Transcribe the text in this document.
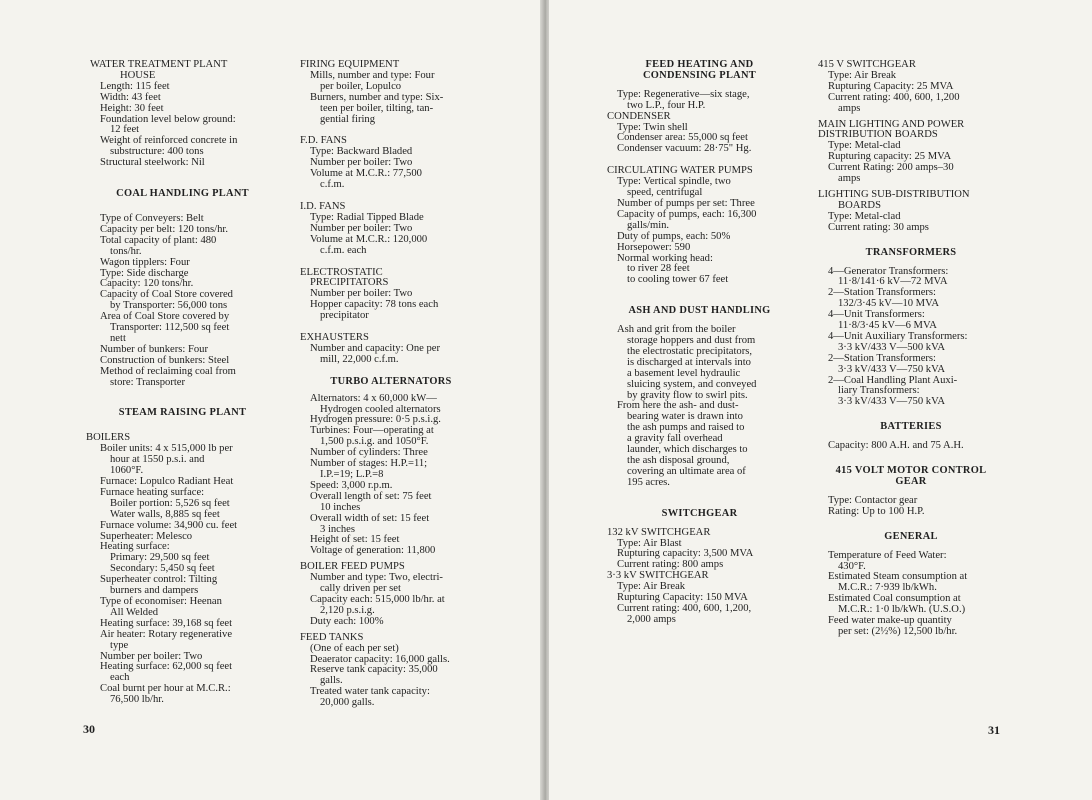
WATER TREATMENT PLANT
HOUSE

Length: 115 feet

Width: 43 feet

Height: 30 feet

Foundation level below ground:

12 feet

Weight of reinforced concrete in

substructure: 400 tons

Structural steelwork: Nil

COAL HANDLING PLANT

Type of Conveyers: Belt

Capacity per belt: 120 tons/hr.

Total capacity of plant: 480

tons/hr.

Wagon tipplers: Four

Type: Side discharge

Capacity: 120 tons/hr.

Capacity of Coal Store covered

by Transporter: 56,000 tons

Area of Coal Store covered by

Transporter: 112,500 sq feet

nett

Number of bunkers: Four

Construction of bunkers: Steel

Method of reclaiming coal from

store: Transporter

STEAM RAISING PLANT

BOILERS

Boiler units: 4 x 515,000 lb per

hour at 1550 p.s.i. and

1060°F.

Furnace: Lopulco Radiant Heat

Furnace heating surface:

Boiler portion: 5,526 sq feet

Water walls, 8,885 sq feet

Furnace volume: 34,900 cu. feet

Superheater: Melesco

Heating surface:

Primary: 29,500 sq feet

Secondary: 5,450 sq feet

Superheater control: Tilting

burners and dampers

Type of economiser: Heenan

All Welded

Heating surface: 39,168 sq feet

Air heater: Rotary regenerative

type

Number per boiler: Two

Heating surface: 62,000 sq feet

each

Coal burnt per hour at M.C.R.:

76,500 lb/hr.

FIRING EQUIPMENT

Mills, number and type: Four

per boiler, Lopulco

Burners, number and type: Six-

teen per boiler, tilting, tan-

gential firing

F.D. FANS

Type: Backward Bladed

Number per boiler: Two

Volume at M.C.R.: 77,500

c.f.m.

I.D. FANS

Type: Radial Tipped Blade

Number per boiler: Two

Volume at M.C.R.: 120,000

c.f.m. each

ELECTROSTATIC
PRECIPITATORS

Number per boiler: Two

Hopper capacity: 78 tons each

precipitator

EXHAUSTERS

Number and capacity: One per

mill, 22,000 c.f.m.

TURBO ALTERNATORS

Alternators: 4 x 60,000 kW—

Hydrogen cooled alternators

Hydrogen pressure: 0·5 p.s.i.g.

Turbines: Four—operating at

1,500 p.s.i.g. and 1050°F.

Number of cylinders: Three

Number of stages: H.P.=11;

I.P.=19; L.P.=8

Speed: 3,000 r.p.m.

Overall length of set: 75 feet

10 inches

Overall width of set: 15 feet

3 inches

Height of set: 15 feet

Voltage of generation: 11,800

BOILER FEED PUMPS

Number and type: Two, electri-

cally driven per set

Capacity each: 515,000 lb/hr. at

2,120 p.s.i.g.

Duty each: 100%

FEED TANKS

(One of each per set)

Deaerator capacity: 16,000 galls.

Reserve tank capacity: 35,000

galls.

Treated water tank capacity:

20,000 galls.

30

FEED HEATING AND
CONDENSING PLANT

Type: Regenerative—six stage,

two L.P., four H.P.

CONDENSER

Type: Twin shell

Condenser area: 55,000 sq feet

Condenser vacuum: 28·75" Hg.

CIRCULATING WATER PUMPS

Type: Vertical spindle, two

speed, centrifugal

Number of pumps per set: Three

Capacity of pumps, each: 16,300

galls/min.

Duty of pumps, each: 50%

Horsepower: 590

Normal working head:

to river 28 feet

to cooling tower 67 feet

ASH AND DUST HANDLING

Ash and grit from the boiler

storage hoppers and dust from

the electrostatic precipitators,

is discharged at intervals into

a basement level hydraulic

sluicing system, and conveyed

by gravity flow to swirl pits.

From here the ash- and dust-

bearing water is drawn into

the ash pumps and raised to

a gravity fall overhead

launder, which discharges to

the ash disposal ground,

covering an ultimate area of

195 acres.

SWITCHGEAR

132 kV SWITCHGEAR

Type: Air Blast

Rupturing capacity: 3,500 MVA

Current rating: 800 amps

3·3 kV SWITCHGEAR

Type: Air Break

Rupturing Capacity: 150 MVA

Current rating: 400, 600, 1,200,

2,000 amps

415 V SWITCHGEAR

Type: Air Break

Rupturing Capacity: 25 MVA

Current rating: 400, 600, 1,200

amps

MAIN LIGHTING AND POWER
DISTRIBUTION BOARDS

Type: Metal-clad

Rupturing capacity: 25 MVA

Current Rating: 200 amps–30

amps

LIGHTING SUB-DISTRIBUTION
BOARDS

Type: Metal-clad

Current rating: 30 amps

TRANSFORMERS

4—Generator Transformers:

11·8/141·6 kV—72 MVA

2—Station Transformers:

132/3·45 kV—10 MVA

4—Unit Transformers:

11·8/3·45 kV—6 MVA

4—Unit Auxiliary Transformers:

3·3 kV/433 V—500 kVA

2—Station Transformers:

3·3 kV/433 V—750 kVA

2—Coal Handling Plant Auxi-

liary Transformers:

3·3 kV/433 V—750 kVA

BATTERIES

Capacity: 800 A.H. and 75 A.H.

415 VOLT MOTOR CONTROL
GEAR

Type: Contactor gear

Rating: Up to 100 H.P.

GENERAL

Temperature of Feed Water:

430°F.

Estimated Steam consumption at

M.C.R.: 7·939 lb/kWh.

Estimated Coal consumption at

M.C.R.: 1·0 lb/kWh. (U.S.O.)

Feed water make-up quantity

per set: (2½%) 12,500 lb/hr.

31
